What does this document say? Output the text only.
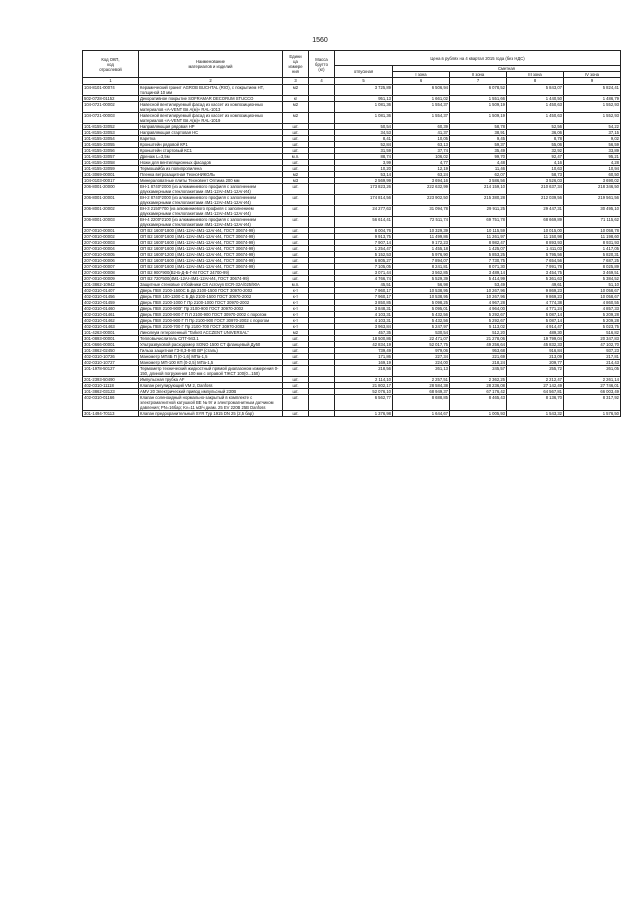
1560
Код ОКП,
код
отраслевой	Наименование
материалов и изделий	Едини
ца
измере
ния	Масса
брутто
(кг)	Цена в рублях на 4 квартал 2015 года (без НДС)				
				отпускная	Сметная			
					I зона	II зона	III зона	IV зона
1	2	3	4	5	6	7	8	9
104-8101-00074	Керамический гранит AGROB BUCHTAL (RIO), с покрытием HT, толщиной 10 мм	м2		3 725,89	6 506,94	6 078,52	5 843,07	5 824,41
502-0728-01152	Декоративное покрытие SOFRAMAR DECORUM STUCCO	кг		951,13	1 661,02	1 551,66	1 440,50	1 486,79
104-0721-00002	Навесной вентилируемый фасад из кассет из композиционных материалов «А-VENT Вв А(м)» RAL-1013	м2		1 081,36	1 554,37	1 509,19	1 450,63	1 552,93
104-0721-00003	Навесной вентилируемый фасад из кассет из композиционных материалов «А-VENT Вв А(м)» RAL-1019	м2		1 081,36	1 554,37	1 509,19	1 450,63	1 552,93
101-8155-33052	Направляющая рядовая НР	шт.		50,54	60,39	58,78	52,56	54,22
101-8155-33053	Направляющая стартовая НС	шт.		34,53	41,37	38,91	36,06	37,15
101-8155-33054	Каретка	шт.		8,41	10,05	9,45	8,78	9,02
101-8155-33055	Кронштейн рядовой КР1	шт.		52,84	63,13	59,37	55,06	56,59
101-8155-33056	Кронштейн стартовый КС1	шт.		31,59	37,74	35,49	32,92	33,89
101-8155-33057	Дренаж L=3,5м	м.п.		88,74	106,02	99,70	92,47	95,21
101-8155-33058	Ножи для вентиляционных фасадов	шт.		3,99	4,77	4,48	4,16	4,28
101-8155-33059	Термошайба из полипропилена	шт.		10,20	12,19	11,46	10,63	10,94
101-3069-00001	Пленка ветрозащитная ТехноНИКОЛЬ	м2		53,14	63,24	62,07	58,73	60,50
104-0103-00017	Минераловатные плиты Техновент Оптима 200 мм	м3		2 569,99	3 694,16	3 586,56	3 526,03	3 690,02
206-8001-20000	ВН-1 8740*2000 (из алюминиевого профиля с заполнением двухкамерными стеклопакетами 4М1-12Ar-4М1-12Ar-И4)	шт.		173 823,26	222 632,99	214 159,10	210 637,34	218 346,50
206-8001-20001	ВН-2 8740*2000 (из алюминиевого профиля с заполнением двухкамерными стеклопакетами 4М1-12Ar-4М1-12Ar-И4)	шт.		174 814,56	223 902,50	215 380,28	212 039,56	219 561,56
206-8001-20002	ВН-3 2150*700 (из алюминиевого профиля с заполнением двухкамерными стеклопакетами 4М1-12Ar-4М1-12Ar-И4)	шт.		24 277,63	31 094,78	29 911,25	29 447,31	30 495,10
206-8001-20003	ВН-4 2200*2100 (из алюминиевого профиля с заполнением двухкамерными стеклопакетами 4М1-12Ar-4М1-12Ar-И4)	шт.		56 614,41	72 511,74	69 751,78	68 669,89	71 115,62
207-0010-00001	ОП В2 1600*1800 (4М1-12Ar-4М1-12Ar-И4, ГОСТ 30674-99)	шт.		8 004,76	10 329,39	10 115,59	10 015,00	10 058,78
207-0010-00002	ОП В2 1600*1600 (4М1-12Ar-4М1-12Ar-И4, ГОСТ 30674-99)	шт.		9 913,75	11 499,86	11 261,97	11 150,98	11 198,60
207-0010-00003	ОП В2 1600*1600 (4М1-12Ar-4М1-12Ar-И4, ГОСТ 30674-99)	шт.		7 907,14	9 172,23	8 982,47	8 893,93	8 931,93
207-0010-00004	ОП В2 1600*1600 (4М1-12Ar-4М1-12Ar-И4, ГОСТ 30674-99)	шт.		1 254,47	1 455,18	1 425,07	1 411,03	1 417,05
207-0010-00005	ОП В2 1600*1200 (4М1-12Ar-4М1-12Ar-И4, ГОСТ 30674-99)	шт.		5 152,53	5 976,90	5 853,25	5 795,56	5 820,31
207-0010-00006	ОП В2 1600*1600 (4М1-12Ar-4М1-12Ar-И4, ГОСТ 30674-99)	шт.		6 805,27	7 894,07	7 730,75	7 654,56	7 687,25
207-0010-00007	ОП В2 1600*1600 (4М1-12Ar-4М1-12Ar-И4, ГОСТ 30674-99)	шт.		7 105,05	8 241,81	8 071,30	7 991,78	8 025,89
207-0010-00008	ОП В2 900*900(В2-Б-Д-Б-Г-М ГОСТ 24700-99)	шт.		3 071,44	3 562,85	3 489,14	3 454,75	3 469,51
207-0010-00009	ОП В2 720*500(4М1-12Ar-4М1-12Ar-И4, ГОСТ 30674-99)	шт.		4 766,74	5 529,39	5 414,99	5 361,63	5 384,52
101-3862-10942	Защитные стеновые отбойники CS Acrovyn ECR-32A/025/90A	м.п.		45,51	56,98	53,49	49,61	51,10
402-0310-01407	Дверь ПВХ 2100-1500С Б Дв 2100-1500 ГОСТ 30970-2002	к-т		7 960,17	10 538,95	10 267,96	9 869,23	10 058,67
402-0310-01456	Дверь ПВХ 100-1300 С Б Дв 2100-1500 ГОСТ 30970-2002	к-т		7 960,17	10 538,95	10 267,96	9 869,23	10 058,67
402-0310-01459	Дверь ПВХ 2100-1000 Г Пр 2100-1000 ГОСТ 30970-2002	к-т		3 850,85	5 098,25	4 967,28	4 774,38	4 860,55
402-0310-01460	Дверь ПВХ 2100-900Г Пр 2100-900 ГОСТ 30970-2002	к-т		3 848,31	5 095,01	4 964,00	4 771,24	4 857,33
402-0310-01461	Дверь ПВХ 2100-900 Г П Л 2100-900 ГОСТ 30970-2002 с порогом	к-т		4 103,31	5 432,56	5 292,67	5 087,14	5 209,28
402-0310-01462	Дверь ПВХ 2100-900 Г П Пр 2100-900 ГОСТ 30970-2002 с порогом	к-т		4 103,31	5 432,56	5 292,67	5 087,14	5 209,28
402-0310-01463	Дверь ПВХ 2100-700 Г Пр 2100-700 ГОСТ 30970-2002	к-т		3 963,84	5 247,97	5 113,02	4 914,47	5 023,75
101-4263-00001	Линолеум гетерогенный "Tarkett ACCZENT UNIVERSAL"	м2		457,35	530,54	512,20	489,30	516,82
301-0893-00001	Тепловычислитель СПТ-943.1	шт.		18 500,86	22 471,07	21 278,06	19 799,04	20 347,83
301-0666-00001	Ультразвуковой расходомер SONO 1500 CT фланцевый Ду50	шт.		42 834,19	52 017,75	49 256,64	45 832,33	47 102,70
101-3862-02450	Гильза защитная ГЗ-8,3-8-80 ВР (сталь)	шт.		739,49	979,06	953,68	916,84	937,23
402-0310-10726	Манометр МП4Б П (0-1,6) МПа-1,5	шт.		171,86	227,34	221,69	213,09	217,81
402-0310-10727	Манометр МП-100 КП (0-2,5) МПа-1,5	шт.		169,19	224,00	218,24	209,77	214,43
101-1978-50127	Термометр технический жидкостный прямой диапазоном измерения 0-150, длиной погружения 100 мм с оправой ТЖСТ 100(0...150)	шт.		218,56	261,13	245,57	255,72	261,05
201-2393-50490	Импульсная трубка AF	шт.		2 114,10	2 257,51	2 362,25	2 212,47	2 261,14
402-0310-11118	Клапан регулирующий VM 2, Danfoss	шт.		21 802,17	28 584,38	28 236,08	27 142,49	27 746,01
101-3862-03123	AMV 20 Электрический привод импульсный 230В	шт.		52 076,10	68 949,37	67 176,42	64 567,81	66 003,49
402-0310-01166	Клапан соленоидный нормально-закрытый в комплекте с электромагнитной катушкой BE № 9т и электромагнитным датчиком давления; PN=16бар; Kv=11 м3/ч диам. 25 EV 220B 25B Danfoss	шт.		6 562,77	8 688,85	8 465,43	8 136,70	8 317,92
301-1494-70113	Клапан предохранительный SYR Typ 1915 DN 25 (2,5 бар)	шт.		1 376,98	1 644,67	1 005,93	1 543,32	1 576,50
